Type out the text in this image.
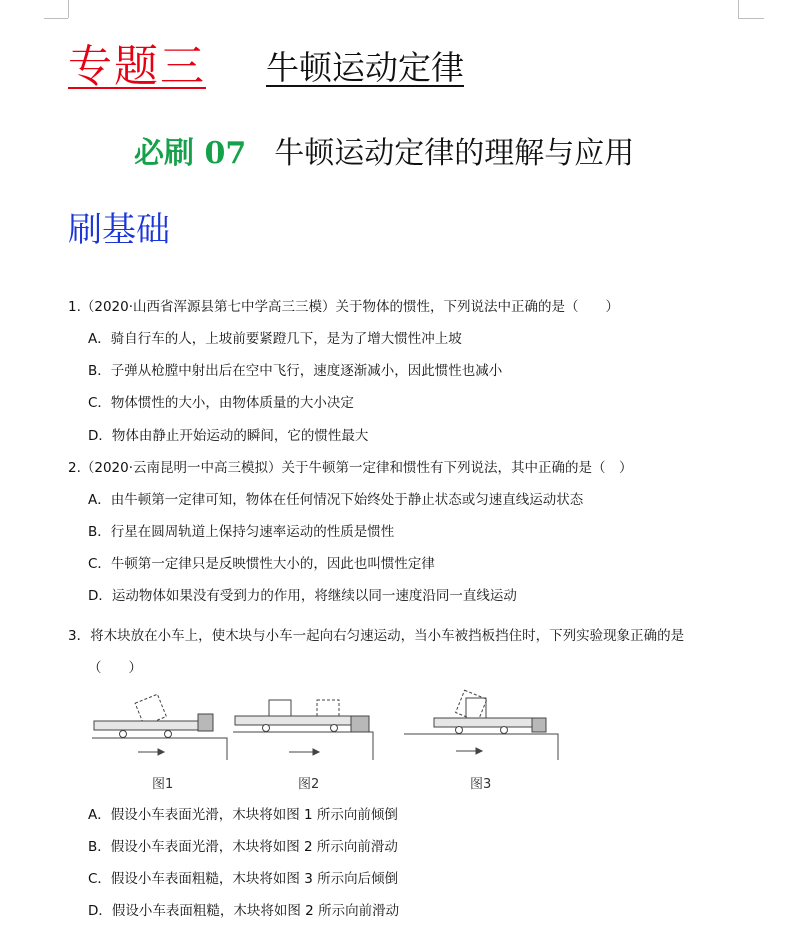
专题三 牛顿运动定律
必刷 07 牛顿运动定律的理解与应用
刷基础
1.（2020·山西省浑源县第七中学高三三模）关于物体的惯性，下列说法中正确的是（　　）
A．骑自行车的人，上坡前要紧蹬几下，是为了增大惯性冲上坡
B．子弹从枪膛中射出后在空中飞行，速度逐渐减小，因此惯性也减小
C．物体惯性的大小，由物体质量的大小决定
D．物体由静止开始运动的瞬间，它的惯性最大
2.（2020·云南昆明一中高三模拟）关于牛顿第一定律和惯性有下列说法，其中正确的是（　）
A．由牛顿第一定律可知，物体在任何情况下始终处于静止状态或匀速直线运动状态
B．行星在圆周轨道上保持匀速率运动的性质是惯性
C．牛顿第一定律只是反映惯性大小的，因此也叫惯性定律
D．运动物体如果没有受到力的作用，将继续以同一速度沿同一直线运动
3．将木块放在小车上，使木块与小车一起向右匀速运动，当小车被挡板挡住时，下列实验现象正确的是
（　　）
图1	图2	图3
A．假设小车表面光滑，木块将如图 1 所示向前倾倒
B．假设小车表面光滑，木块将如图 2 所示向前滑动
C．假设小车表面粗糙，木块将如图 3 所示向后倾倒
D．假设小车表面粗糙，木块将如图 2 所示向前滑动
